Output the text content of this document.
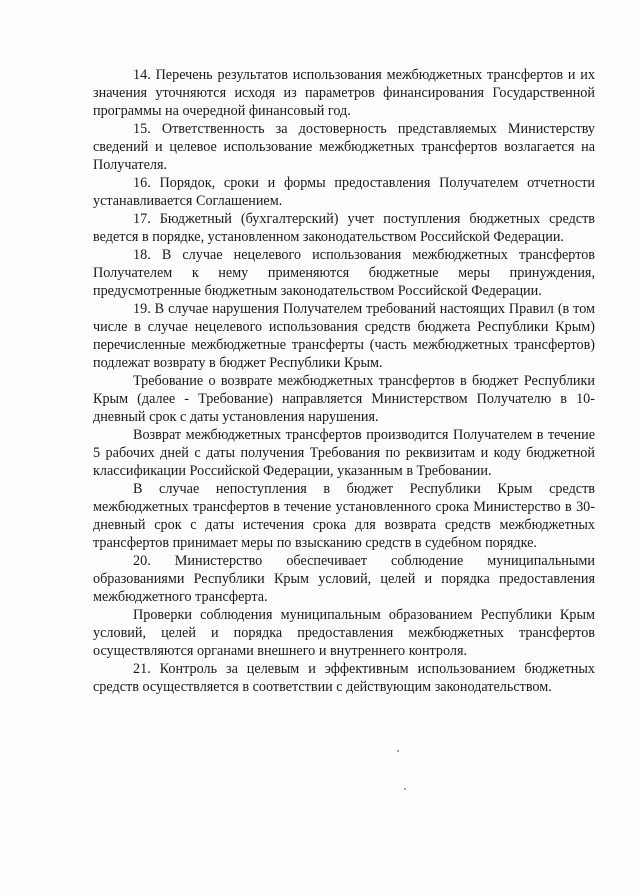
14. Перечень результатов использования межбюджетных трансфертов и их значения уточняются исходя из параметров финансирования Государственной программы на очередной финансовый год.

15. Ответственность за достоверность представляемых Министерству сведений и целевое использование межбюджетных трансфертов возлагается на Получателя.

16. Порядок, сроки и формы предоставления Получателем отчетности устанавливается Соглашением.

17. Бюджетный (бухгалтерский) учет поступления бюджетных средств ведется в порядке, установленном законодательством Российской Федерации.

18. В случае нецелевого использования межбюджетных трансфертов Получателем к нему применяются бюджетные меры принуждения, предусмотренные бюджетным законодательством Российской Федерации.

19. В случае нарушения Получателем требований настоящих Правил (в том числе в случае нецелевого использования средств бюджета Республики Крым) перечисленные межбюджетные трансферты (часть межбюджетных трансфертов) подлежат возврату в бюджет Республики Крым.

Требование о возврате межбюджетных трансфертов в бюджет Республики Крым (далее - Требование) направляется Министерством Получателю в 10-дневный срок с даты установления нарушения.

Возврат межбюджетных трансфертов производится Получателем в течение 5 рабочих дней с даты получения Требования по реквизитам и коду бюджетной классификации Российской Федерации, указанным в Требовании.

В случае непоступления в бюджет Республики Крым средств межбюджетных трансфертов в течение установленного срока Министерство в 30-дневный срок с даты истечения срока для возврата средств межбюджетных трансфертов принимает меры по взысканию средств в судебном порядке.

20. Министерство обеспечивает соблюдение муниципальными образованиями Республики Крым условий, целей и порядка предоставления межбюджетного трансферта.

Проверки соблюдения муниципальным образованием Республики Крым условий, целей и порядка предоставления межбюджетных трансфертов осуществляются органами внешнего и внутреннего контроля.

21. Контроль за целевым и эффективным использованием бюджетных средств осуществляется в соответствии с действующим законодательством.
